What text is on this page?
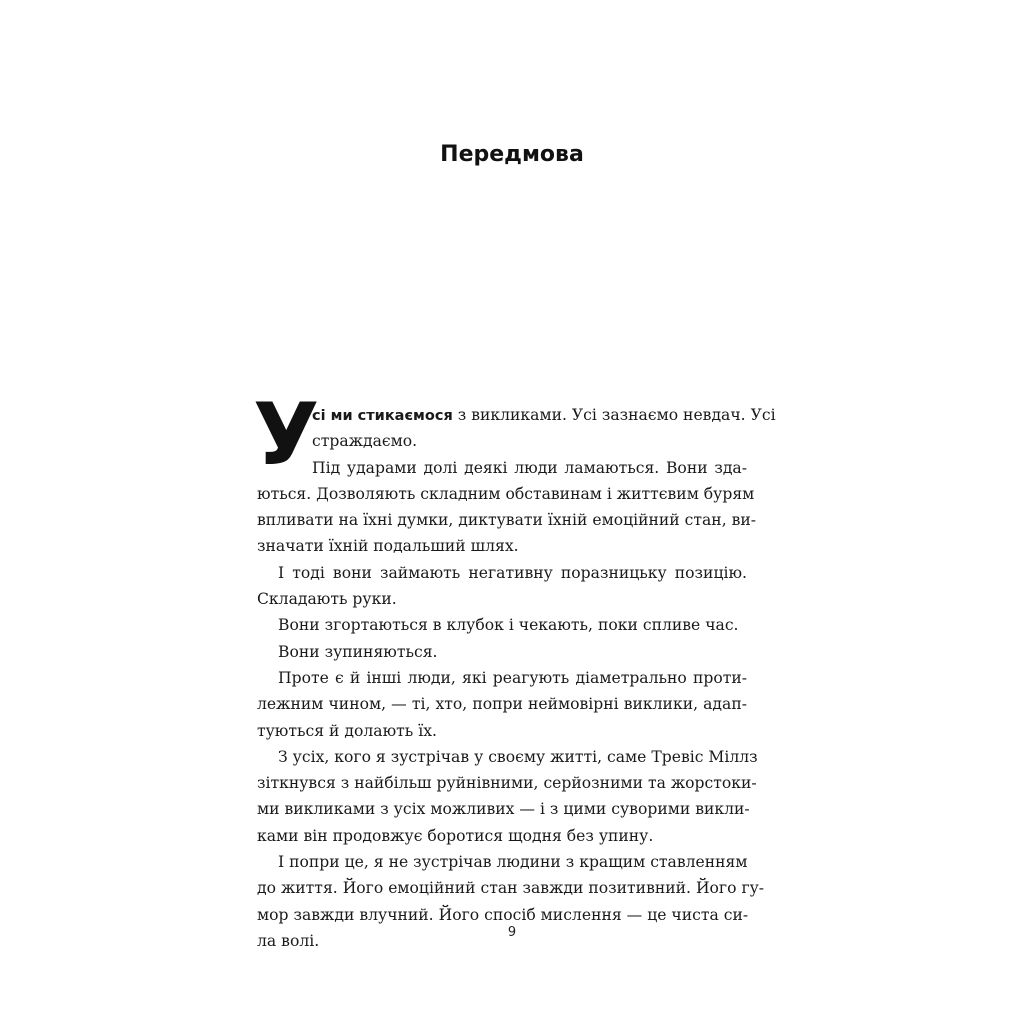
Передмова
У
сі ми стикаємося з викликами. Усі зазнаємо невдач. Усі
страждаємо.
Під ударами долі деякі люди ламаються. Вони зда-
ються. Дозволяють складним обставинам і життєвим бурям
впливати на їхні думки, диктувати їхній емоційний стан, ви-
значати їхній подальший шлях.
І тоді вони займають негативну поразницьку позицію.
Складають руки.
Вони згортаються в клубок і чекають, поки спливе час.
Вони зупиняються.
Проте є й інші люди, які реагують діаметрально проти-
лежним чином, — ті, хто, попри неймовірні виклики, адап-
туються й долають їх.
З усіх, кого я зустрічав у своєму житті, саме Тревіс Міллз
зіткнувся з найбільш руйнівними, серйозними та жорстоки-
ми викликами з усіх можливих — і з цими суворими викли-
ками він продовжує боротися щодня без упину.
І попри це, я не зустрічав людини з кращим ставленням
до життя. Його емоційний стан завжди позитивний. Його гу-
мор завжди влучний. Його спосіб мислення — це чиста си-
ла волі.	9
